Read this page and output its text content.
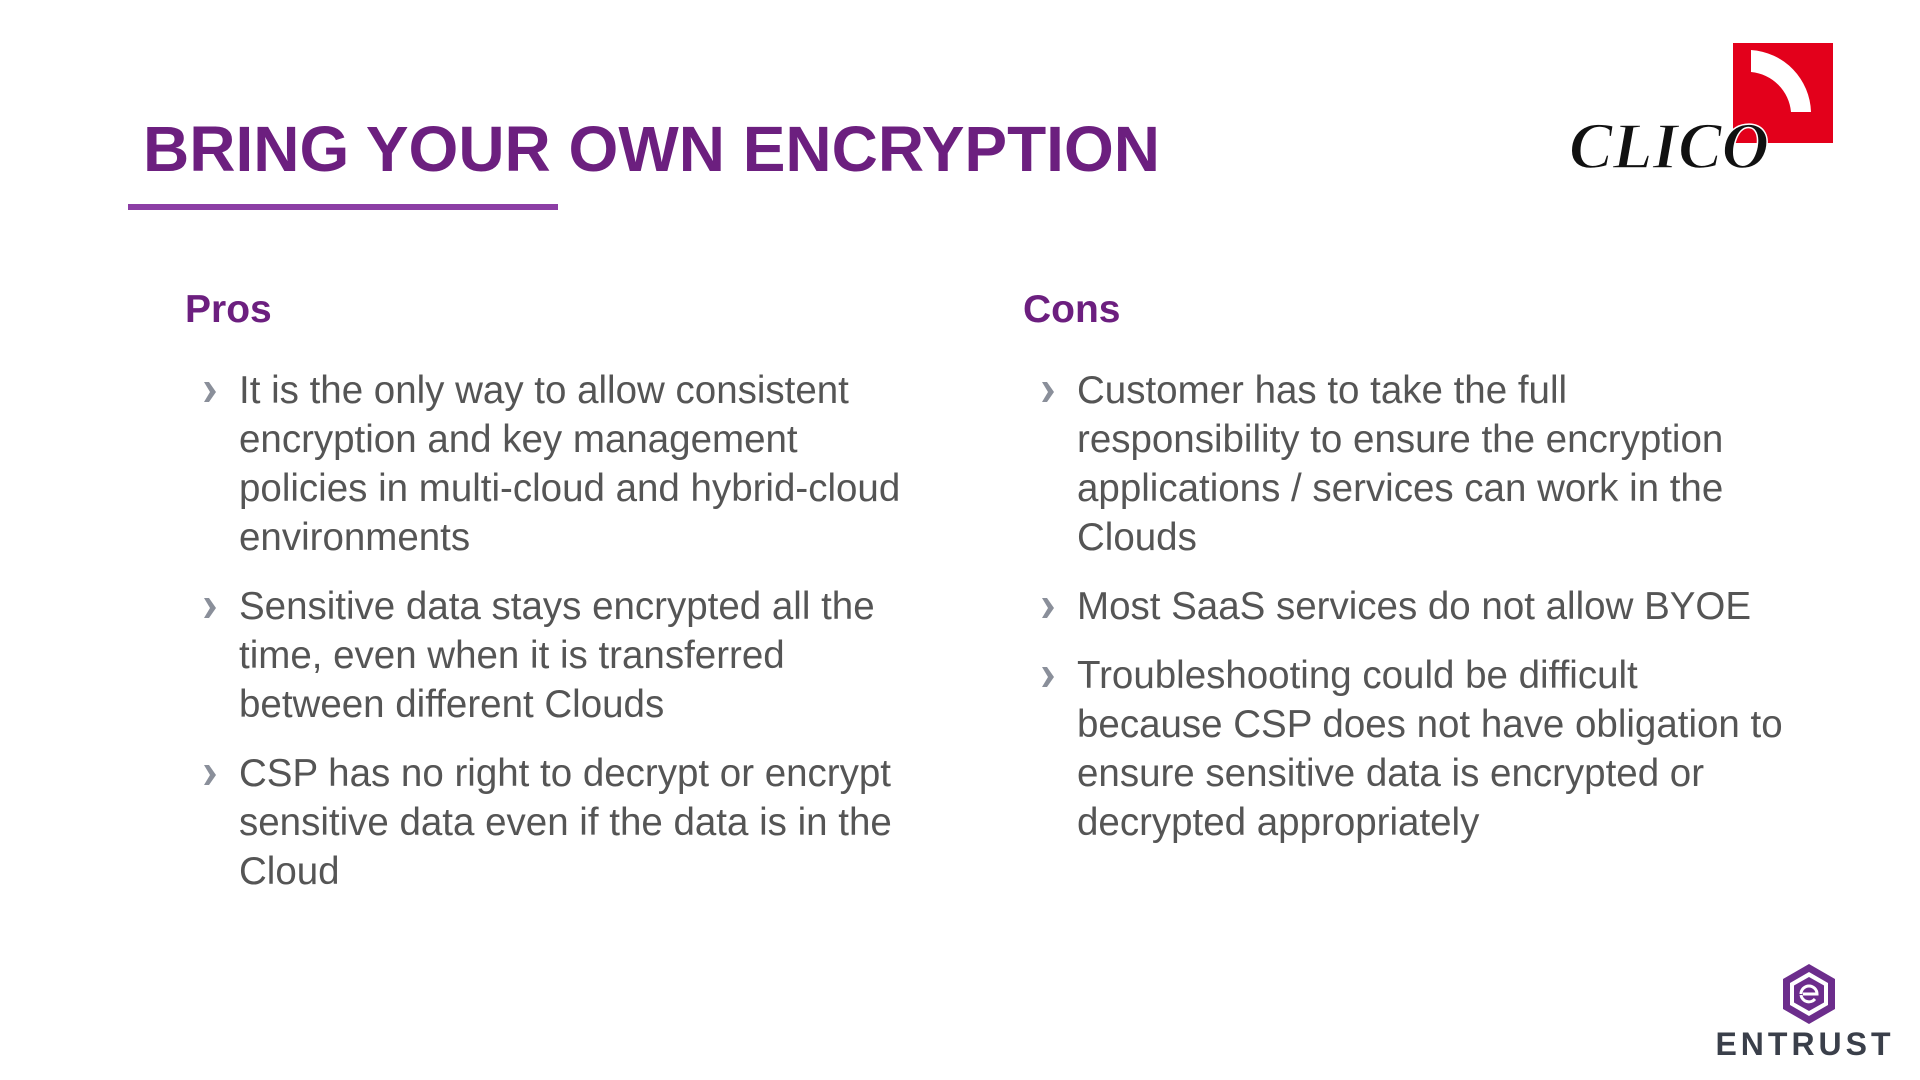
BRING YOUR OWN ENCRYPTION	CLICO
Pros
It is the only way to allow consistent encryption and key management policies in multi-cloud and hybrid-cloud environments
Sensitive data stays encrypted all the time, even when it is transferred between different Clouds
CSP has no right to decrypt or encrypt sensitive data even if the data is in the Cloud
Cons
Customer has to take the full responsibility to ensure the encryption applications / services can work in the Clouds
Most SaaS services do not allow BYOE
Troubleshooting could be difficult because CSP does not have obligation to ensure sensitive data is encrypted or decrypted appropriately
ENTRUST
